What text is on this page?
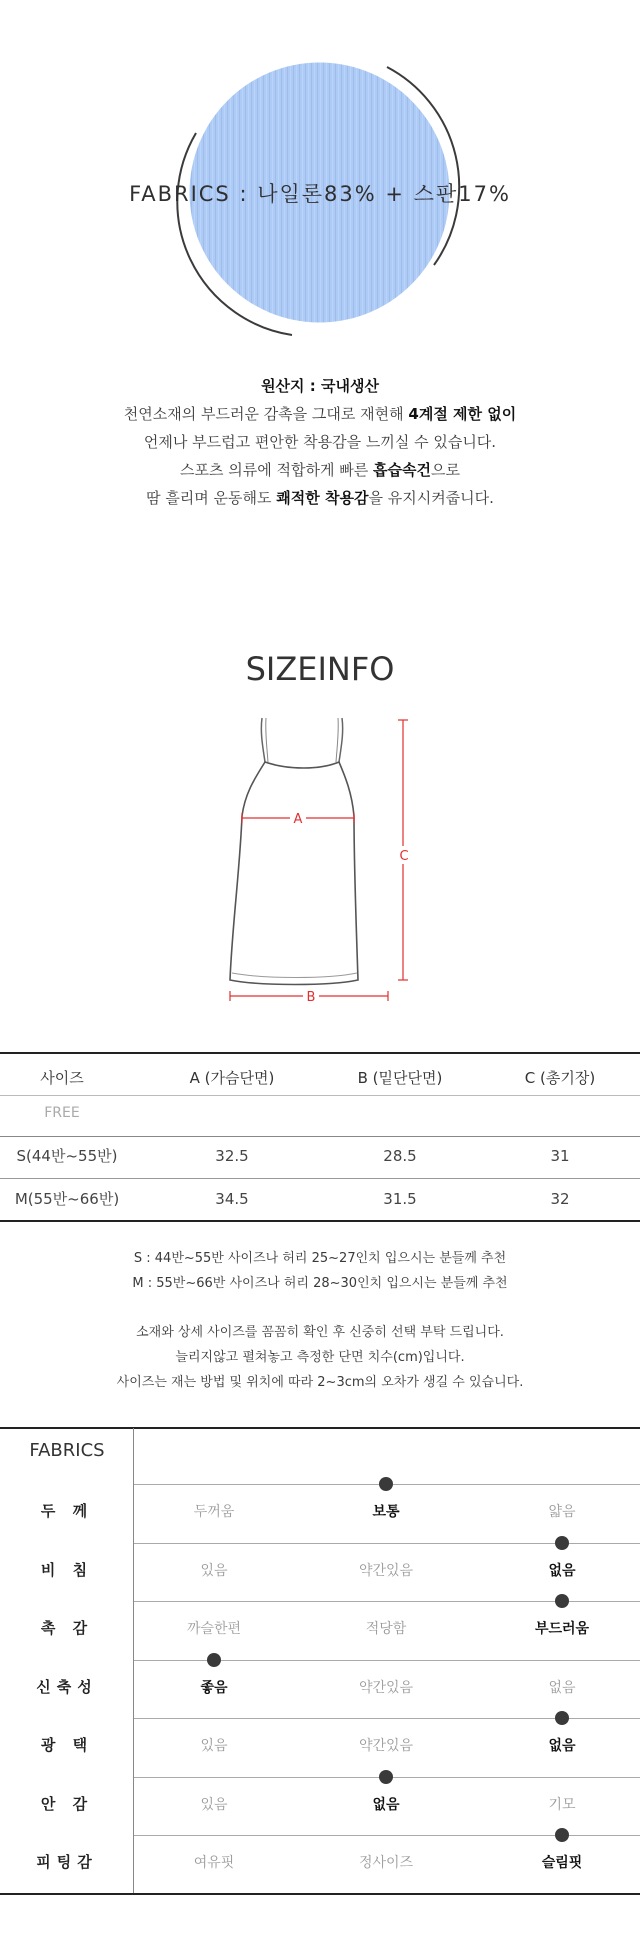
FABRICS : 나일론83% + 스판17%
원산지 : 국내생산
천연소재의 부드러운 감촉을 그대로 재현해 4계절 제한 없이
언제나 부드럽고 편안한 착용감을 느끼실 수 있습니다.
스포츠 의류에 적합하게 빠른 흡습속건으로
땀 흘리며 운동해도 쾌적한 착용감을 유지시켜줍니다.
SIZEINFO
A
B
C
사이즈	A (가슴단면)	B (밑단단면)	C (총기장)
FREE
S(44반~55반)	32.5	28.5	31
M(55반~66반)	34.5	31.5	32
S : 44반~55반 사이즈나 허리 25~27인치 입으시는 분들께 추천
M : 55반~66반 사이즈나 허리 28~30인치 입으시는 분들께 추천
소재와 상세 사이즈를 꼼꼼히 확인 후 신중히 선택 부탁 드립니다.
늘리지않고 펼쳐놓고 측정한 단면 치수(cm)입니다.
사이즈는 재는 방법 및 위치에 따라 2~3cm의 오차가 생길 수 있습니다.
FABRICS
두 께	두꺼움	보통	얇음
비 침	있음	약간있음	없음
촉 감	까슬한편	적당함	부드러움
신축성	좋음	약간있음	없음
광 택	있음	약간있음	없음
안 감	있음	없음	기모
피팅감	여유핏	정사이즈	슬림핏
